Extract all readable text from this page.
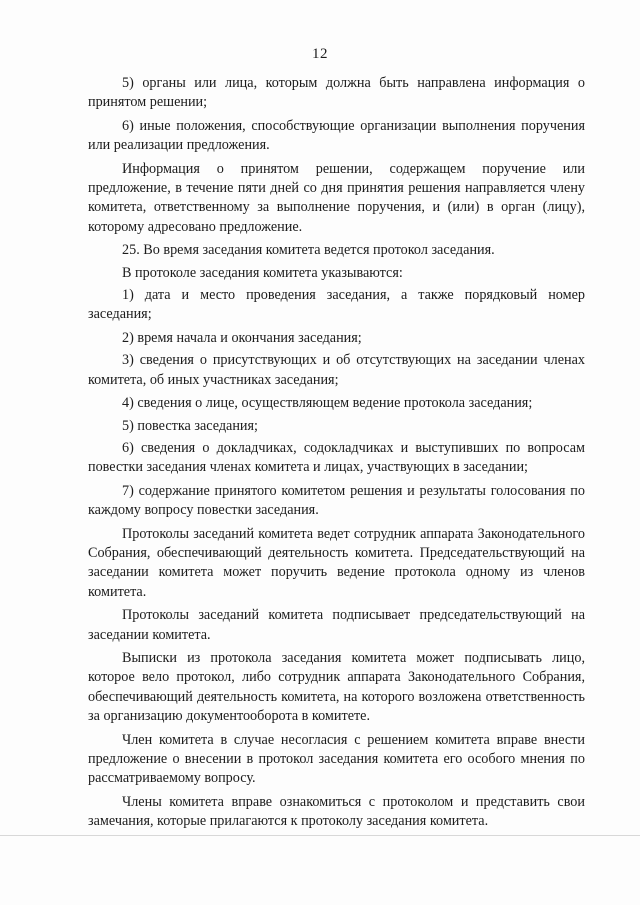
12

5) органы или лица, которым должна быть направлена информация о принятом решении;

6) иные положения, способствующие организации выполнения поручения или реализации предложения.

Информация о принятом решении, содержащем поручение или предложение, в течение пяти дней со дня принятия решения направляется члену комитета, ответственному за выполнение поручения, и (или) в орган (лицу), которому адресовано предложение.

25. Во время заседания комитета ведется протокол заседания.

В протоколе заседания комитета указываются:

1) дата и место проведения заседания, а также порядковый номер заседания;

2) время начала и окончания заседания;

3) сведения о присутствующих и об отсутствующих на заседании членах комитета, об иных участниках заседания;

4) сведения о лице, осуществляющем ведение протокола заседания;

5) повестка заседания;

6) сведения о докладчиках, содокладчиках и выступивших по вопросам повестки заседания членах комитета и лицах, участвующих в заседании;

7) содержание принятого комитетом решения и результаты голосования по каждому вопросу повестки заседания.

Протоколы заседаний комитета ведет сотрудник аппарата Законодательного Собрания, обеспечивающий деятельность комитета. Председательствующий на заседании комитета может поручить ведение протокола одному из членов комитета.

Протоколы заседаний комитета подписывает председательствующий на заседании комитета.

Выписки из протокола заседания комитета может подписывать лицо, которое вело протокол, либо сотрудник аппарата Законодательного Собрания, обеспечивающий деятельность комитета, на которого возложена ответственность за организацию документооборота в комитете.

Член комитета в случае несогласия с решением комитета вправе внести предложение о внесении в протокол заседания комитета его особого мнения по рассматриваемому вопросу.

Члены комитета вправе ознакомиться с протоколом и представить свои замечания, которые прилагаются к протоколу заседания комитета.
